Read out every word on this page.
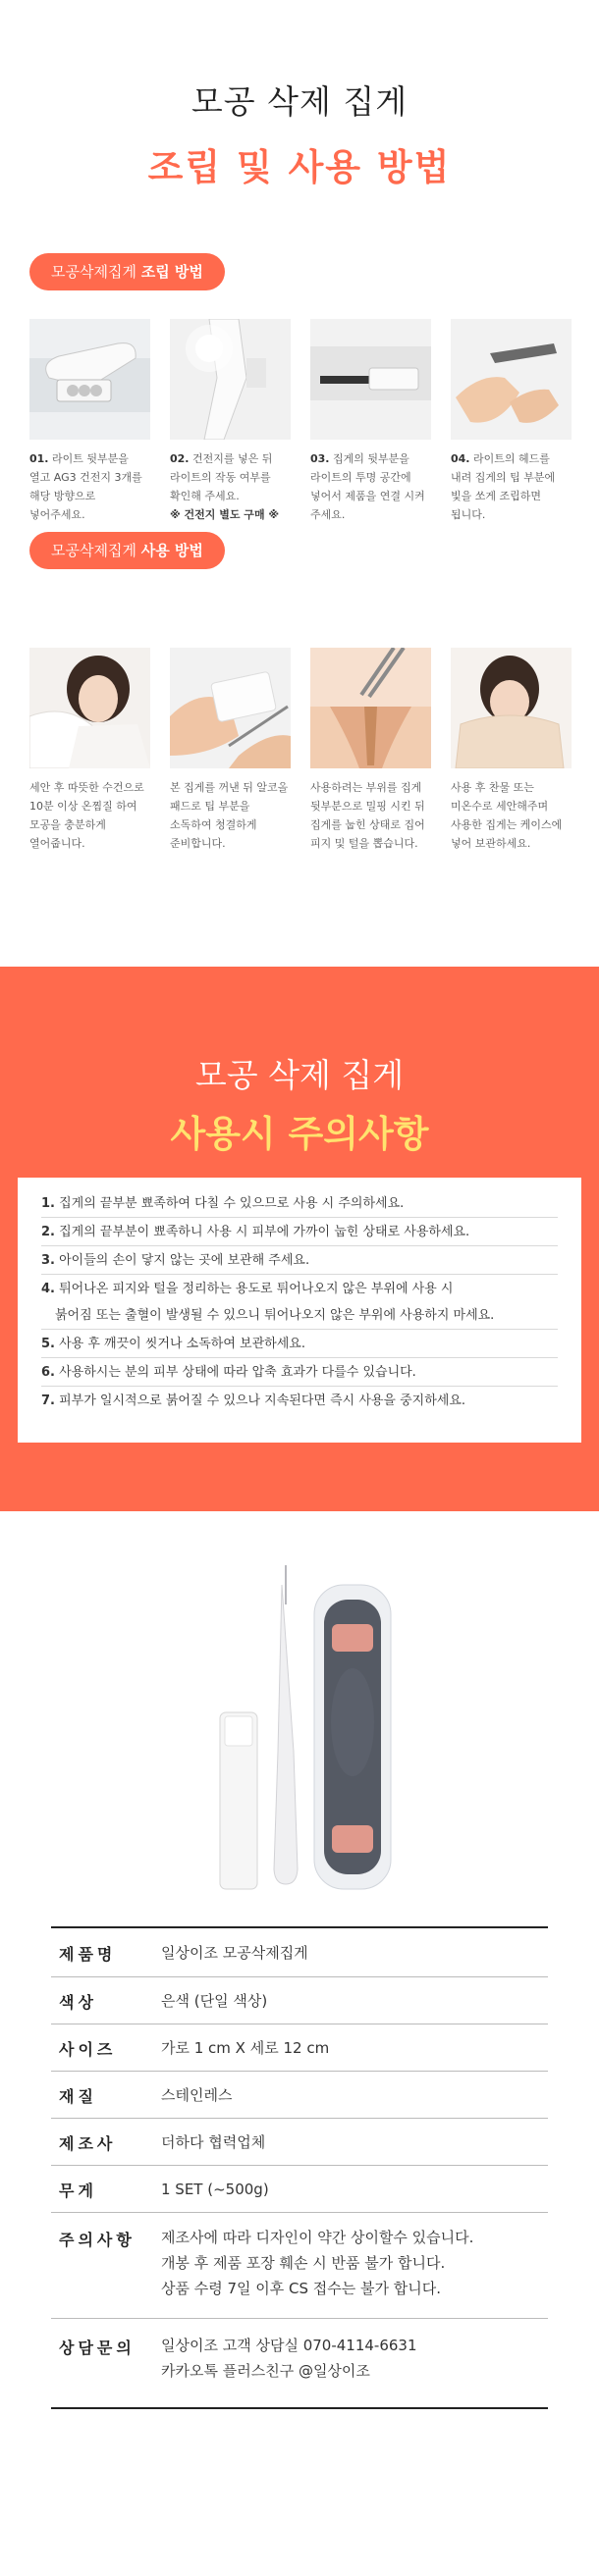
모공 삭제 집게
조립 및 사용 방법
모공삭제집게 조립 방법
01. 라이트 뒷부분을 열고 AG3 건전지 3개를 해당 방향으로 넣어주세요.
02. 건전지를 넣은 뒤 라이트의 작동 여부를 확인해 주세요.
※ 건전지 별도 구매 ※
03. 집게의 뒷부분을 라이트의 투명 공간에 넣어서 제품을 연결 시켜 주세요.
04. 라이트의 헤드를 내려 집게의 팁 부분에 빛을 쏘게 조립하면 됩니다.
모공삭제집게 사용 방법
세안 후 따뜻한 수건으로 10분 이상 온찜질 하여 모공을 충분하게 열어줍니다.
본 집게를 꺼낸 뒤 알코올 패드로 팁 부분을 소독하여 청결하게 준비합니다.
사용하려는 부위를 집게 뒷부분으로 밀핑 시킨 뒤 집게를 눕힌 상태로 집어 피지 및 털을 뽑습니다.
사용 후 찬물 또는 미온수로 세안해주며 사용한 집게는 케이스에 넣어 보관하세요.
모공 삭제 집게
사용시 주의사항
1. 집게의 끝부분 뾰족하여 다칠 수 있으므로 사용 시 주의하세요.
2. 집게의 끝부분이 뾰족하니 사용 시 피부에 가까이 눕힌 상태로 사용하세요.
3. 아이들의 손이 닿지 않는 곳에 보관해 주세요.
4. 튀어나온 피지와 털을 정리하는 용도로 튀어나오지 않은 부위에 사용 시
붉어짐 또는 출혈이 발생될 수 있으니 튀어나오지 않은 부위에 사용하지 마세요.
5. 사용 후 깨끗이 씻거나 소독하여 보관하세요.
6. 사용하시는 분의 피부 상태에 따라 압축 효과가 다를수 있습니다.
7. 피부가 일시적으로 붉어질 수 있으나 지속된다면 즉시 사용을 중지하세요.
제품명	일상이조 모공삭제집게
색상	은색 (단일 색상)
사이즈	가로 1 cm X 세로 12 cm
재질	스테인레스
제조사	더하다 협력업체
무게	1 SET (~500g)
주의사항 제조사에 따라 디자인이 약간 상이할수 있습니다.
개봉 후 제품 포장 훼손 시 반품 불가 합니다.
상품 수령 7일 이후 CS 접수는 불가 합니다.
상담문의 일상이조 고객 상담실 070-4114-6631
카카오톡 플러스친구 @일상이조
